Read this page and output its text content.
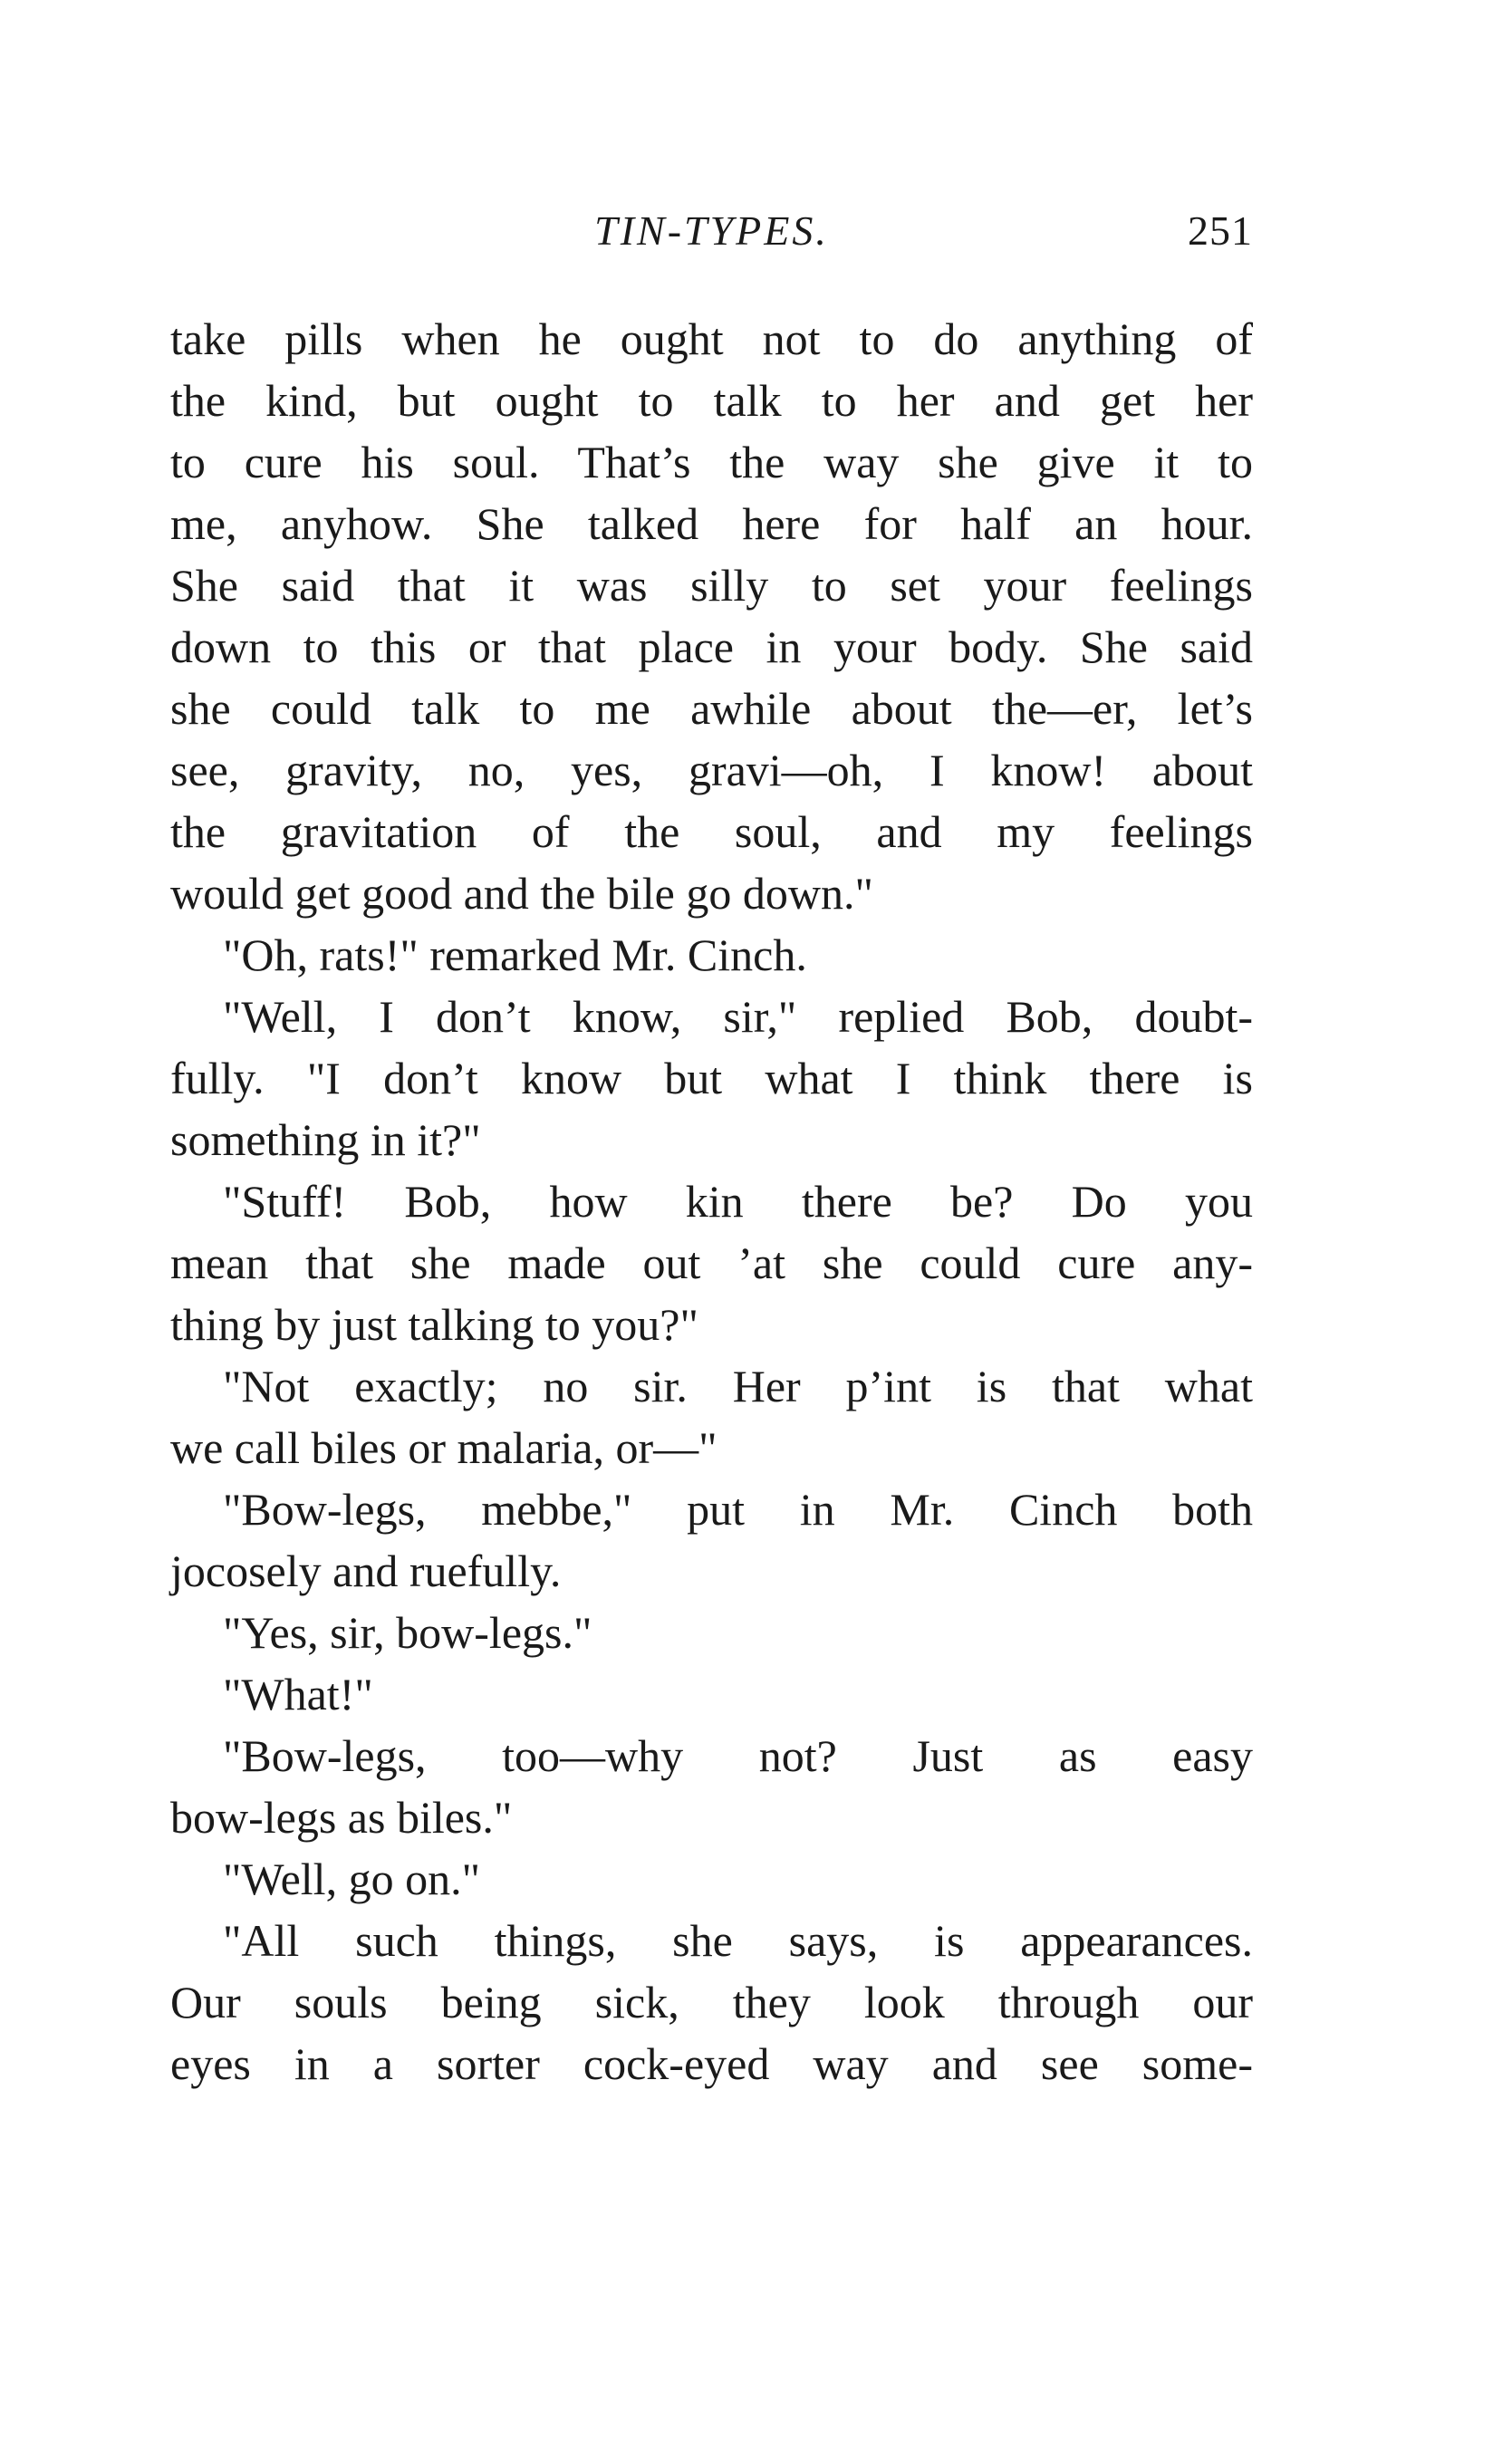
TIN-TYPES.	251
take pills when he ought not to do anything of
the kind, but ought to talk to her and get her
to cure his soul. That’s the way she give it to
me, anyhow. She talked here for half an hour.
She said that it was silly to set your feelings
down to this or that place in your body. She said
she could talk to me awhile about the—er, let’s
see, gravity, no, yes, gravi—oh, I know! about
the gravitation of the soul, and my feelings
would get good and the bile go down."
"Oh, rats!" remarked Mr. Cinch.
"Well, I don’t know, sir," replied Bob, doubt-
fully. "I don’t know but what I think there is
something in it?"
"Stuff! Bob, how kin there be? Do you
mean that she made out ’at she could cure any-
thing by just talking to you?"
"Not exactly; no sir. Her p’int is that what
we call biles or malaria, or—"
"Bow-legs, mebbe," put in Mr. Cinch both
jocosely and ruefully.
"Yes, sir, bow-legs."
"What!"
"Bow-legs, too—why not? Just as easy
bow-legs as biles."
"Well, go on."
"All such things, she says, is appearances.
Our souls being sick, they look through our
eyes in a sorter cock-eyed way and see some-
